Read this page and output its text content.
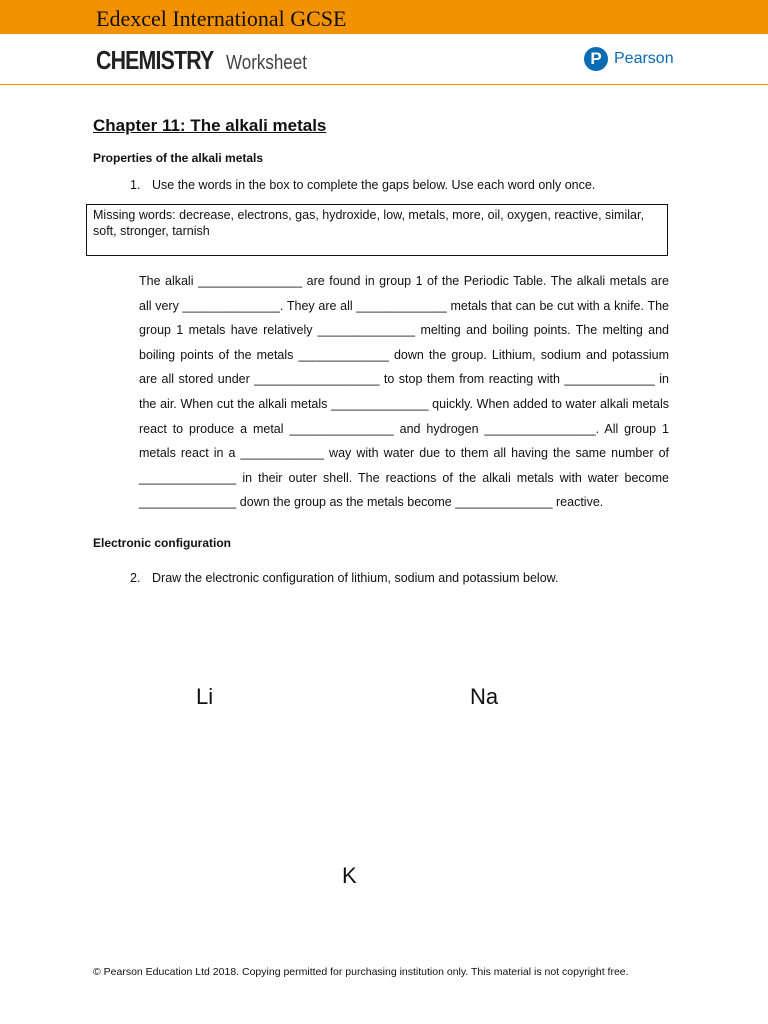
Edexcel International GCSE
CHEMISTRY Worksheet	P Pearson
Chapter 11: The alkali metals
Properties of the alkali metals
1. Use the words in the box to complete the gaps below. Use each word only once.
Missing words: decrease, electrons, gas, hydroxide, low, metals, more, oil, oxygen, reactive, similar, soft, stronger, tarnish
The alkali _______________ are found in group 1 of the Periodic Table. The alkali metals are all very ______________. They are all _____________ metals that can be cut with a knife. The group 1 metals have relatively ______________ melting and boiling points. The melting and boiling points of the metals _____________ down the group. Lithium, sodium and potassium are all stored under __________________ to stop them from reacting with _____________ in the air. When cut the alkali metals ______________ quickly. When added to water alkali metals react to produce a metal _______________ and hydrogen ________________. All group 1 metals react in a ____________ way with water due to them all having the same number of ______________ in their outer shell. The reactions of the alkali metals with water become ______________ down the group as the metals become ______________ reactive.
Electronic configuration
2. Draw the electronic configuration of lithium, sodium and potassium below.
Li	Na
K
© Pearson Education Ltd 2018. Copying permitted for purchasing institution only. This material is not copyright free.
